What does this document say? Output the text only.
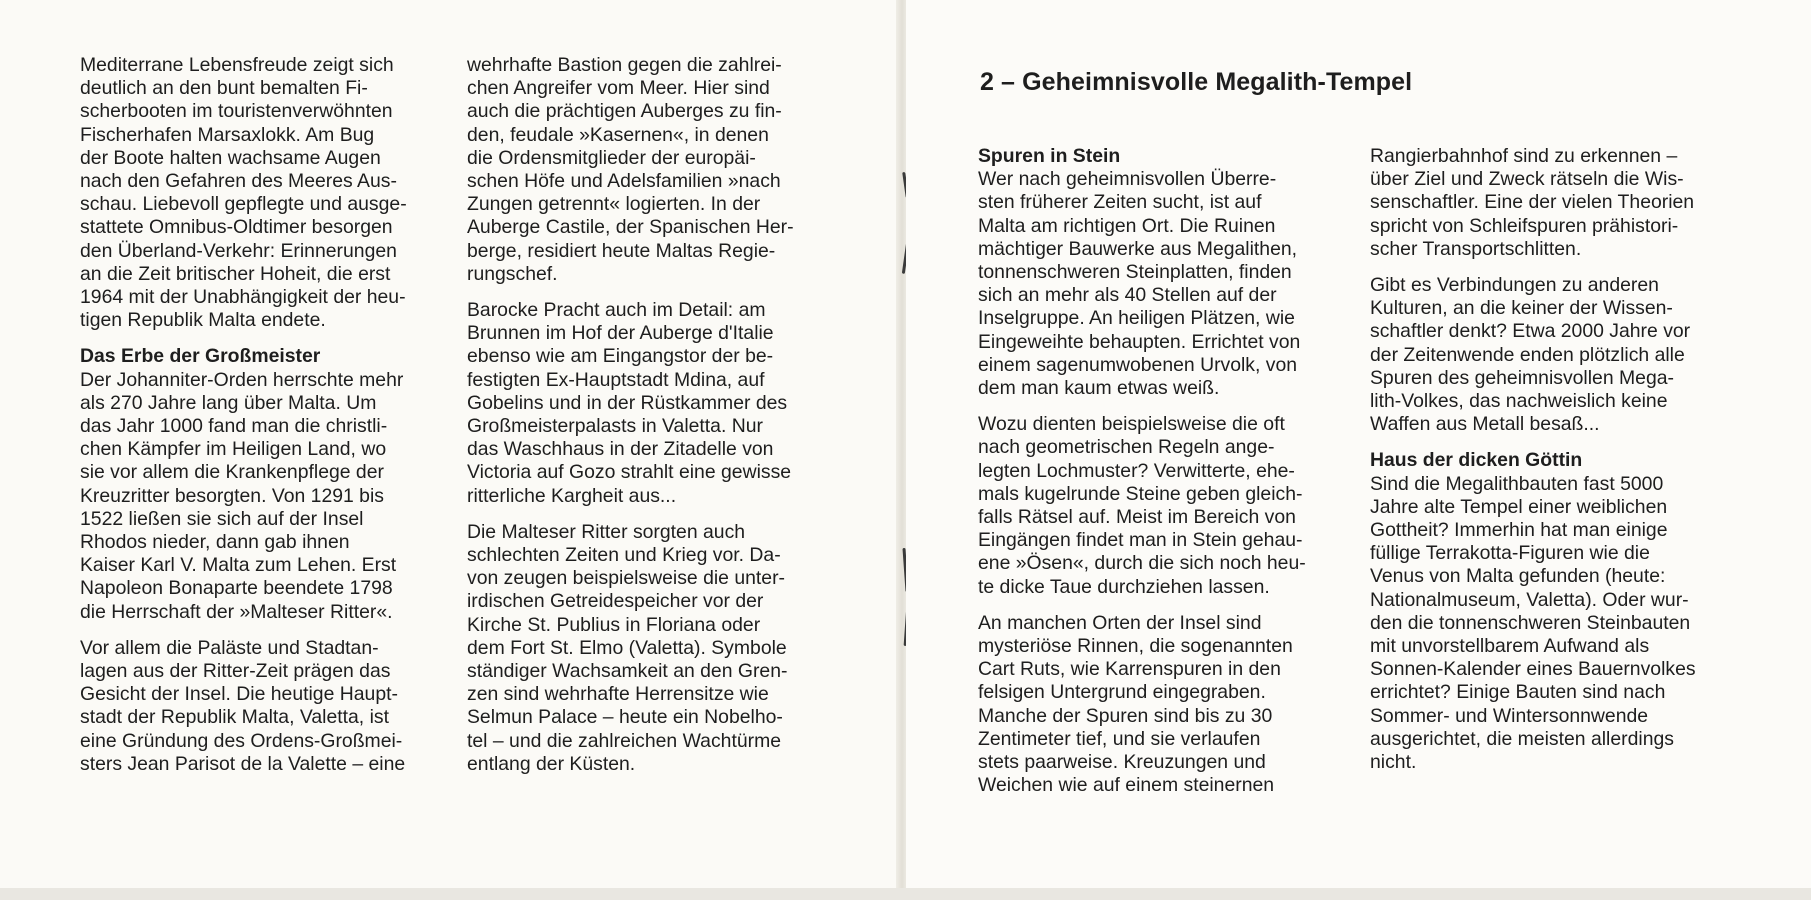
Mediterrane Lebensfreude zeigt sich
deutlich an den bunt bemalten Fi-
scherbooten im touristenverwöhnten
Fischerhafen Marsaxlokk. Am Bug
der Boote halten wachsame Augen
nach den Gefahren des Meeres Aus-
schau. Liebevoll gepflegte und ausge-
stattete Omnibus-Oldtimer besorgen
den Überland-Verkehr: Erinnerungen
an die Zeit britischer Hoheit, die erst
1964 mit der Unabhängigkeit der heu-
tigen Republik Malta endete.

Das Erbe der Großmeister

Der Johanniter-Orden herrschte mehr
als 270 Jahre lang über Malta. Um
das Jahr 1000 fand man die christli-
chen Kämpfer im Heiligen Land, wo
sie vor allem die Krankenpflege der
Kreuzritter besorgten. Von 1291 bis
1522 ließen sie sich auf der Insel
Rhodos nieder, dann gab ihnen
Kaiser Karl V. Malta zum Lehen. Erst
Napoleon Bonaparte beendete 1798
die Herrschaft der »Malteser Ritter«.

Vor allem die Paläste und Stadtan-
lagen aus der Ritter-Zeit prägen das
Gesicht der Insel. Die heutige Haupt-
stadt der Republik Malta, Valetta, ist
eine Gründung des Ordens-Großmei-
sters Jean Parisot de la Valette – eine

wehrhafte Bastion gegen die zahlrei-
chen Angreifer vom Meer. Hier sind
auch die prächtigen Auberges zu fin-
den, feudale »Kasernen«, in denen
die Ordensmitglieder der europäi-
schen Höfe und Adelsfamilien »nach
Zungen getrennt« logierten. In der
Auberge Castile, der Spanischen Her-
berge, residiert heute Maltas Regie-
rungschef.

Barocke Pracht auch im Detail: am
Brunnen im Hof der Auberge d'Italie
ebenso wie am Eingangstor der be-
festigten Ex-Hauptstadt Mdina, auf
Gobelins und in der Rüstkammer des
Großmeisterpalasts in Valetta. Nur
das Waschhaus in der Zitadelle von
Victoria auf Gozo strahlt eine gewisse
ritterliche Kargheit aus...

Die Malteser Ritter sorgten auch
schlechten Zeiten und Krieg vor. Da-
von zeugen beispielsweise die unter-
irdischen Getreidespeicher vor der
Kirche St. Publius in Floriana oder
dem Fort St. Elmo (Valetta). Symbole
ständiger Wachsamkeit an den Gren-
zen sind wehrhafte Herrensitze wie
Selmun Palace – heute ein Nobelho-
tel – und die zahlreichen Wachtürme
entlang der Küsten.

2 – Geheimnisvolle Megalith-Tempel
Spuren in Stein

Wer nach geheimnisvollen Überre-
sten früherer Zeiten sucht, ist auf
Malta am richtigen Ort. Die Ruinen
mächtiger Bauwerke aus Megalithen,
tonnenschweren Steinplatten, finden
sich an mehr als 40 Stellen auf der
Inselgruppe. An heiligen Plätzen, wie
Eingeweihte behaupten. Errichtet von
einem sagenumwobenen Urvolk, von
dem man kaum etwas weiß.

Wozu dienten beispielsweise die oft
nach geometrischen Regeln ange-
legten Lochmuster? Verwitterte, ehe-
mals kugelrunde Steine geben gleich-
falls Rätsel auf. Meist im Bereich von
Eingängen findet man in Stein gehau-
ene »Ösen«, durch die sich noch heu-
te dicke Taue durchziehen lassen.

An manchen Orten der Insel sind
mysteriöse Rinnen, die sogenannten
Cart Ruts, wie Karrenspuren in den
felsigen Untergrund eingegraben.
Manche der Spuren sind bis zu 30
Zentimeter tief, und sie verlaufen
stets paarweise. Kreuzungen und
Weichen wie auf einem steinernen

Rangierbahnhof sind zu erkennen –
über Ziel und Zweck rätseln die Wis-
senschaftler. Eine der vielen Theorien
spricht von Schleifspuren prähistori-
scher Transportschlitten.

Gibt es Verbindungen zu anderen
Kulturen, an die keiner der Wissen-
schaftler denkt? Etwa 2000 Jahre vor
der Zeitenwende enden plötzlich alle
Spuren des geheimnisvollen Mega-
lith-Volkes, das nachweislich keine
Waffen aus Metall besaß...

Haus der dicken Göttin

Sind die Megalithbauten fast 5000
Jahre alte Tempel einer weiblichen
Gottheit? Immerhin hat man einige
füllige Terrakotta-Figuren wie die
Venus von Malta gefunden (heute:
Nationalmuseum, Valetta). Oder wur-
den die tonnenschweren Steinbauten
mit unvorstellbarem Aufwand als
Sonnen-Kalender eines Bauernvolkes
errichtet? Einige Bauten sind nach
Sommer- und Wintersonnwende
ausgerichtet, die meisten allerdings
nicht.
